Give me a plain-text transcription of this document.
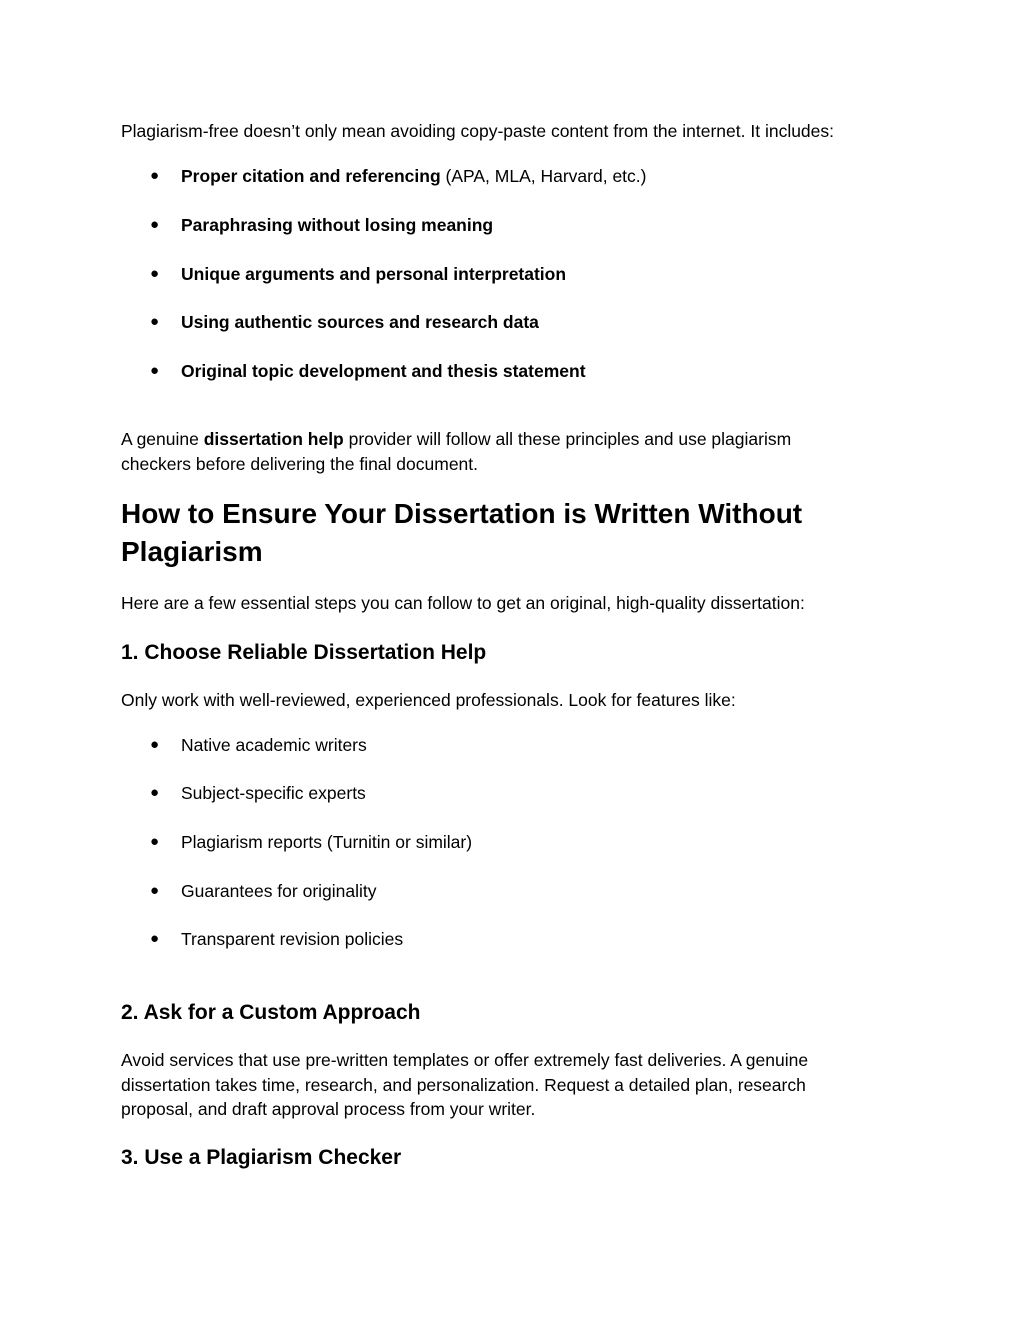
Plagiarism-free doesn’t only mean avoiding copy-paste content from the internet. It includes:

●	Proper citation and referencing (APA, MLA, Harvard, etc.)
●	Paraphrasing without losing meaning
●	Unique arguments and personal interpretation
●	Using authentic sources and research data
●	Original topic development and thesis statement

A genuine dissertation help provider will follow all these principles and use plagiarism checkers before delivering the final document.

How to Ensure Your Dissertation is Written Without Plagiarism

Here are a few essential steps you can follow to get an original, high-quality dissertation:

1. Choose Reliable Dissertation Help

Only work with well-reviewed, experienced professionals. Look for features like:

●	Native academic writers
●	Subject-specific experts
●	Plagiarism reports (Turnitin or similar)
●	Guarantees for originality
●	Transparent revision policies
2. Ask for a Custom Approach

Avoid services that use pre-written templates or offer extremely fast deliveries. A genuine dissertation takes time, research, and personalization. Request a detailed plan, research proposal, and draft approval process from your writer.

3. Use a Plagiarism Checker
